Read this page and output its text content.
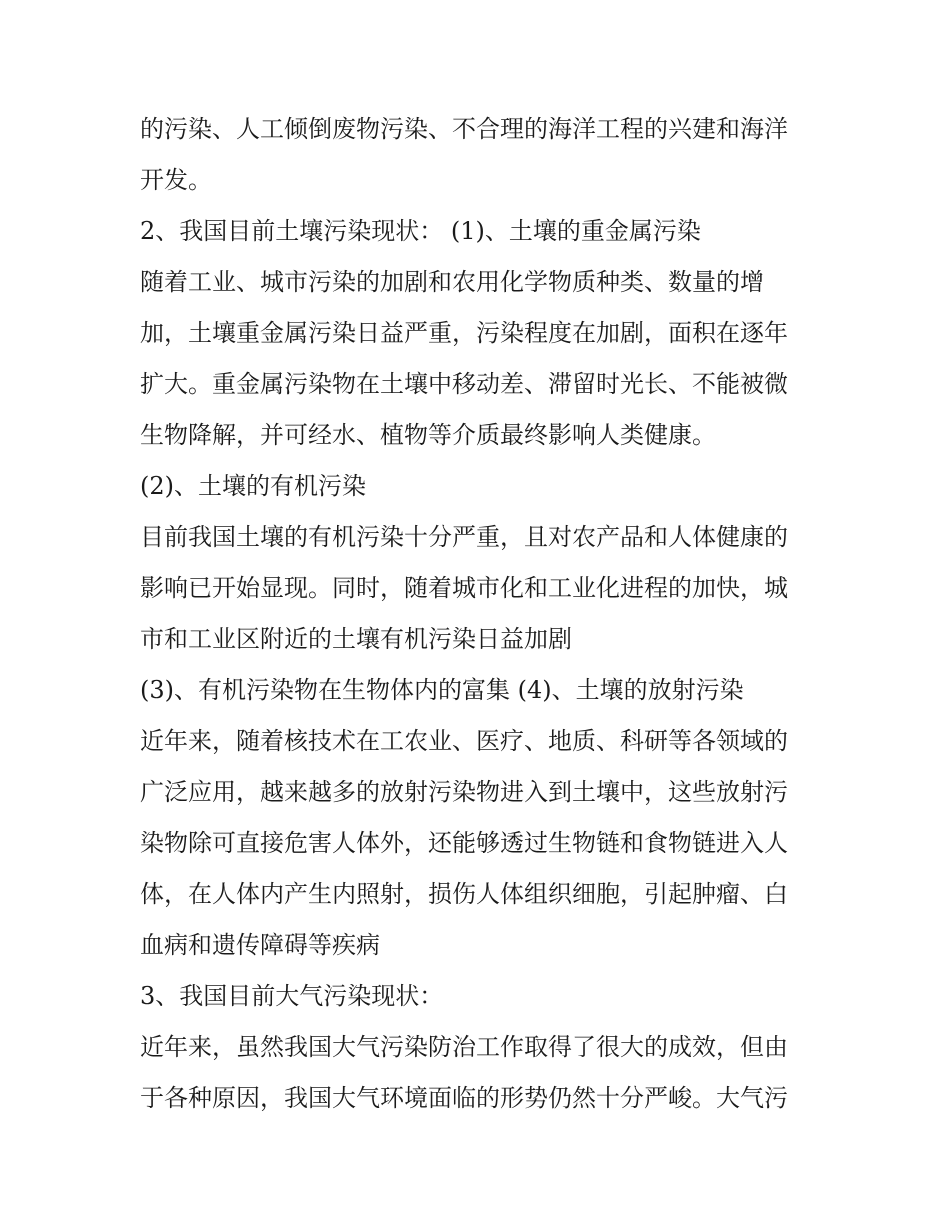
的污染、人工倾倒废物污染、不合理的海洋工程的兴建和海洋
开发。
2、我国目前土壤污染现状： (1)、土壤的重金属污染
随着工业、城市污染的加剧和农用化学物质种类、数量的增
加，土壤重金属污染日益严重，污染程度在加剧，面积在逐年
扩大。重金属污染物在土壤中移动差、滞留时光长、不能被微
生物降解，并可经水、植物等介质最终影响人类健康。
(2)、土壤的有机污染
目前我国土壤的有机污染十分严重，且对农产品和人体健康的
影响已开始显现。同时，随着城市化和工业化进程的加快，城
市和工业区附近的土壤有机污染日益加剧
(3)、有机污染物在生物体内的富集 (4)、土壤的放射污染
近年来，随着核技术在工农业、医疗、地质、科研等各领域的
广泛应用，越来越多的放射污染物进入到土壤中，这些放射污
染物除可直接危害人体外，还能够透过生物链和食物链进入人
体，在人体内产生内照射，损伤人体组织细胞，引起肿瘤、白
血病和遗传障碍等疾病
3、我国目前大气污染现状：
近年来，虽然我国大气污染防治工作取得了很大的成效，但由
于各种原因，我国大气环境面临的形势仍然十分严峻。大气污
